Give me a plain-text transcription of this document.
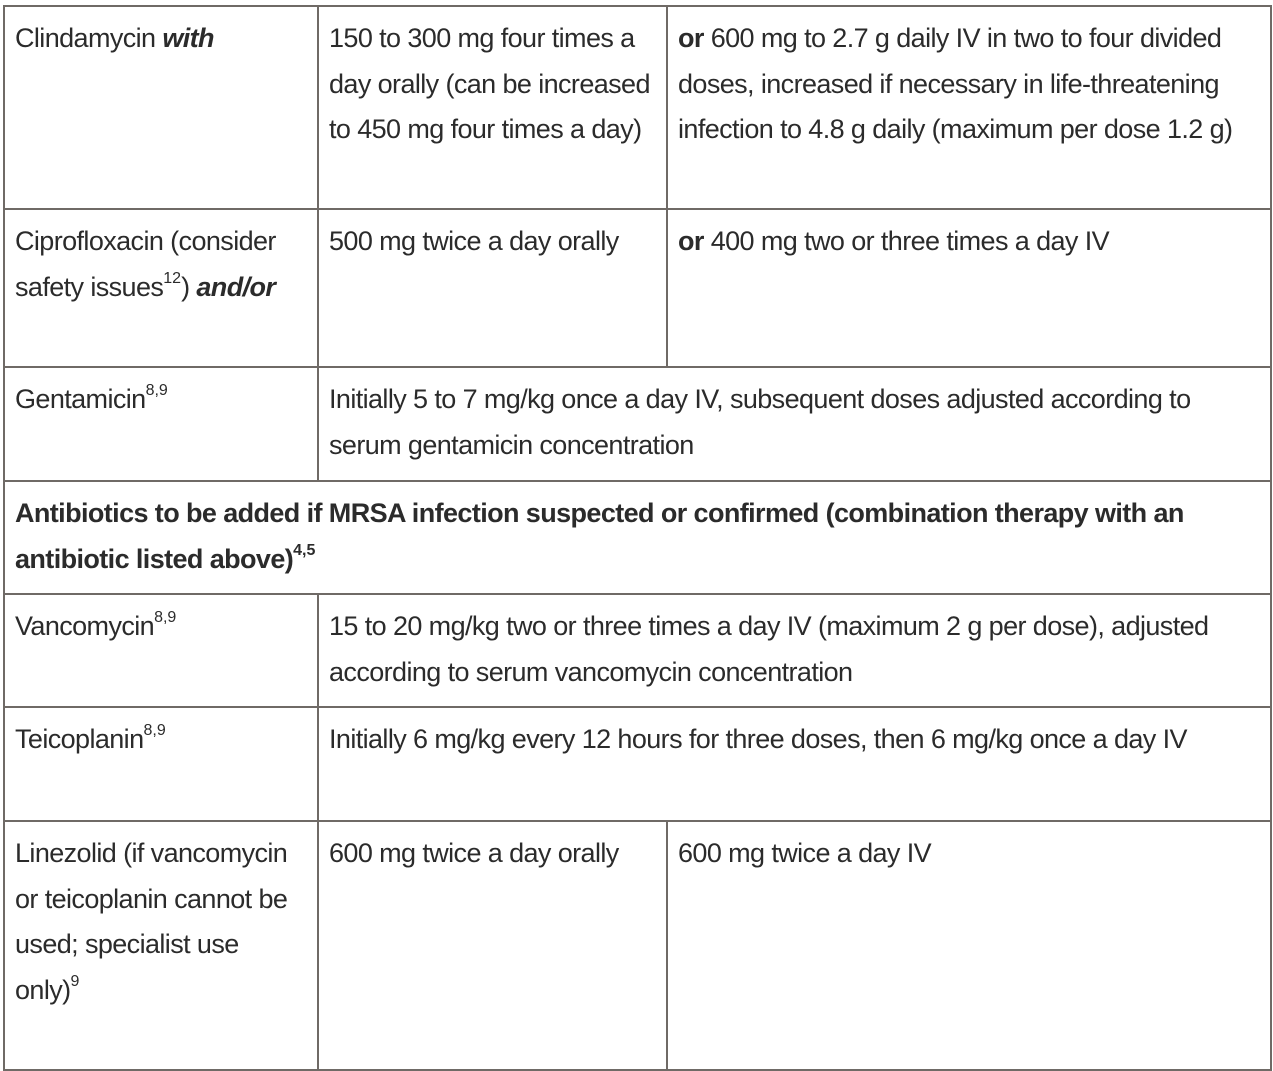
Clindamycin with	150 to 300 mg four times a day orally (can be increased to 450 mg four times a day)	or 600 mg to 2.7 g daily IV in two to four divided doses, increased if necessary in life-threatening infection to 4.8 g daily (maximum per dose 1.2 g)
Ciprofloxacin (consider safety issues$^{12}$) and/or	500 mg twice a day orally	or 400 mg two or three times a day IV
Gentamicin$^{8,9}$	Initially 5 to 7 mg/kg once a day IV, subsequent doses adjusted according to serum gentamicin concentration	
Antibiotics to be added if MRSA infection suspected or confirmed (combination therapy with an antibiotic listed above)$^{4,5}$
Vancomycin$^{8,9}$	15 to 20 mg/kg two or three times a day IV (maximum 2 g per dose), adjusted according to serum vancomycin concentration	
Teicoplanin$^{8,9}$	Initially 6 mg/kg every 12 hours for three doses, then 6 mg/kg once a day IV	
Linezolid (if vancomycin or teicoplanin cannot be used; specialist use only)$^9$	600 mg twice a day orally	600 mg twice a day IV
